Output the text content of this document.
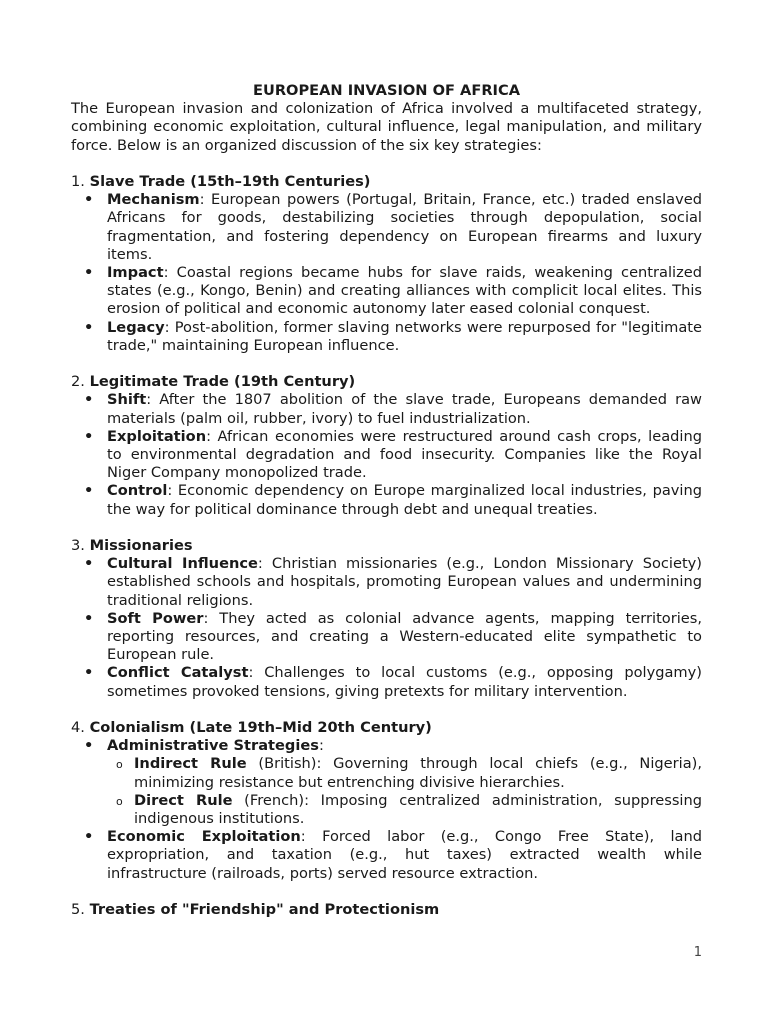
EUROPEAN INVASION OF AFRICA

The European invasion and colonization of Africa involved a multifaceted strategy, combining economic exploitation, cultural influence, legal manipulation, and military force. Below is an organized discussion of the six key strategies:

1. Slave Trade (15th–19th Centuries)
• Mechanism: European powers (Portugal, Britain, France, etc.) traded enslaved Africans for goods, destabilizing societies through depopulation, social fragmentation, and fostering dependency on European firearms and luxury items.
• Impact: Coastal regions became hubs for slave raids, weakening centralized states (e.g., Kongo, Benin) and creating alliances with complicit local elites. This erosion of political and economic autonomy later eased colonial conquest.
• Legacy: Post-abolition, former slaving networks were repurposed for "legitimate trade," maintaining European influence.
2. Legitimate Trade (19th Century)
• Shift: After the 1807 abolition of the slave trade, Europeans demanded raw materials (palm oil, rubber, ivory) to fuel industrialization.
• Exploitation: African economies were restructured around cash crops, leading to environmental degradation and food insecurity. Companies like the Royal Niger Company monopolized trade.
• Control: Economic dependency on Europe marginalized local industries, paving the way for political dominance through debt and unequal treaties.
3. Missionaries
• Cultural Influence: Christian missionaries (e.g., London Missionary Society) established schools and hospitals, promoting European values and undermining traditional religions.
• Soft Power: They acted as colonial advance agents, mapping territories, reporting resources, and creating a Western-educated elite sympathetic to European rule.
• Conflict Catalyst: Challenges to local customs (e.g., opposing polygamy) sometimes provoked tensions, giving pretexts for military intervention.
4. Colonialism (Late 19th–Mid 20th Century)
• Administrative Strategies:
o Indirect Rule (British): Governing through local chiefs (e.g., Nigeria), minimizing resistance but entrenching divisive hierarchies.
o Direct Rule (French): Imposing centralized administration, suppressing indigenous institutions.
• Economic Exploitation: Forced labor (e.g., Congo Free State), land expropriation, and taxation (e.g., hut taxes) extracted wealth while infrastructure (railroads, ports) served resource extraction.
5. Treaties of "Friendship" and Protectionism
1
